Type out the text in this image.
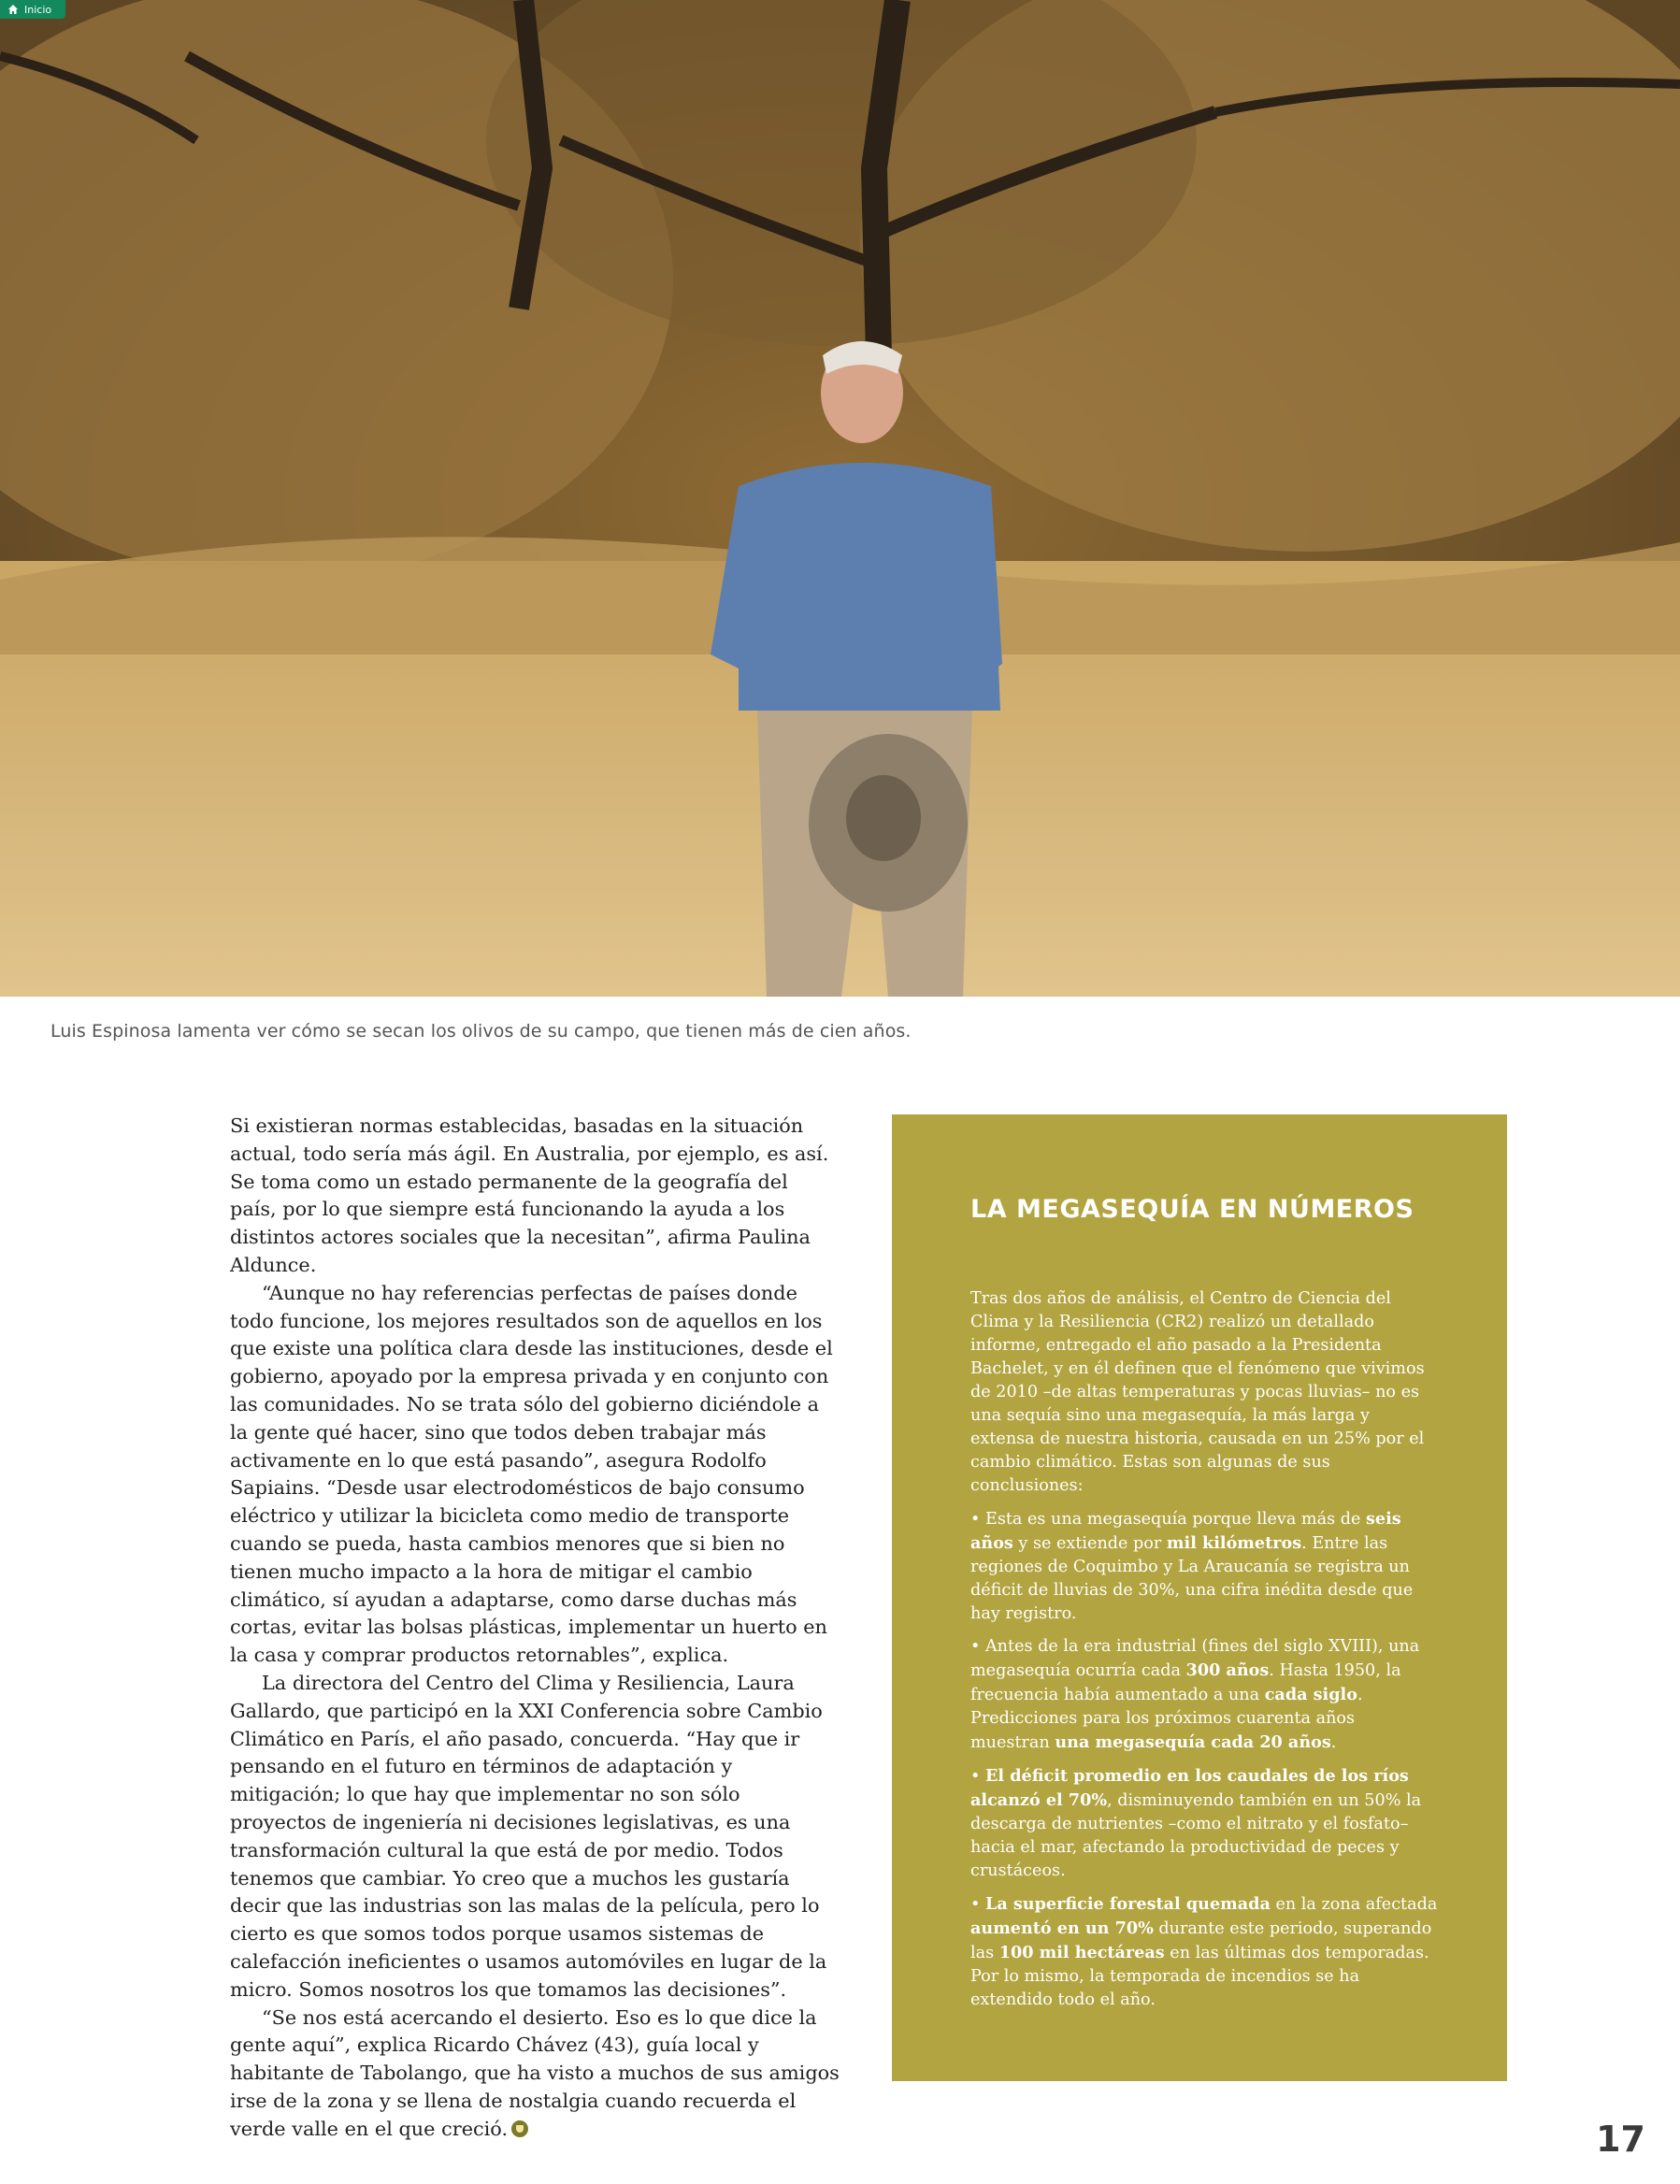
Inicio
Luis Espinosa lamenta ver cómo se secan los olivos de su campo, que tienen más de cien años.

Si existieran normas establecidas, basadas en la situación actual, todo sería más ágil. En Australia, por ejemplo, es así. Se toma como un estado permanente de la geografía del país, por lo que siempre está funcionando la ayuda a los distintos actores sociales que la necesitan”, afirma Paulina Aldunce.

“Aunque no hay referencias perfectas de países donde todo funcione, los mejores resultados son de aquellos en los que existe una política clara desde las instituciones, desde el gobierno, apoyado por la empresa privada y en conjunto con las comunidades. No se trata sólo del gobierno diciéndole a la gente qué hacer, sino que todos deben trabajar más activamente en lo que está pasando”, asegura Rodolfo Sapiains. “Desde usar electrodomésticos de bajo consumo eléctrico y utilizar la bicicleta como medio de transporte cuando se pueda, hasta cambios menores que si bien no tienen mucho impacto a la hora de mitigar el cambio climático, sí ayudan a adaptarse, como darse duchas más cortas, evitar las bolsas plásticas, implementar un huerto en la casa y comprar productos retornables”, explica.

La directora del Centro del Clima y Resiliencia, Laura Gallardo, que participó en la XXI Conferencia sobre Cambio Climático en París, el año pasado, concuerda. “Hay que ir pensando en el futuro en términos de adaptación y mitigación; lo que hay que implementar no son sólo proyectos de ingeniería ni decisiones legislativas, es una transformación cultural la que está de por medio. Todos tenemos que cambiar. Yo creo que a muchos les gustaría decir que las industrias son las malas de la película, pero lo cierto es que somos todos porque usamos sistemas de calefacción ineficientes o usamos automóviles en lugar de la micro. Somos nosotros los que tomamos las decisiones”.

“Se nos está acercando el desierto. Eso es lo que dice la gente aquí”, explica Ricardo Chávez (43), guía local y habitante de Tabolango, que ha visto a muchos de sus amigos irse de la zona y se llena de nostalgia cuando recuerda el verde valle en el que creció.

LA MEGASEQUÍA EN NÚMEROS

Tras dos años de análisis, el Centro de Ciencia del Clima y la Resiliencia (CR2) realizó un detallado informe, entregado el año pasado a la Presidenta Bachelet, y en él definen que el fenómeno que vivimos de 2010 –de altas temperaturas y pocas lluvias– no es una sequía sino una megasequía, la más larga y extensa de nuestra historia, causada en un 25% por el cambio climático. Estas son algunas de sus conclusiones:

• Esta es una megasequía porque lleva más de seis años y se extiende por mil kilómetros. Entre las regiones de Coquimbo y La Araucanía se registra un déficit de lluvias de 30%, una cifra inédita desde que hay registro.

• Antes de la era industrial (fines del siglo XVIII), una megasequía ocurría cada 300 años. Hasta 1950, la frecuencia había aumentado a una cada siglo. Predicciones para los próximos cuarenta años muestran una megasequía cada 20 años.

• El déficit promedio en los caudales de los ríos alcanzó el 70%, disminuyendo también en un 50% la descarga de nutrientes –como el nitrato y el fosfato– hacia el mar, afectando la productividad de peces y crustáceos.

• La superficie forestal quemada en la zona afectada aumentó en un 70% durante este periodo, superando las 100 mil hectáreas en las últimas dos temporadas. Por lo mismo, la temporada de incendios se ha extendido todo el año.

17
